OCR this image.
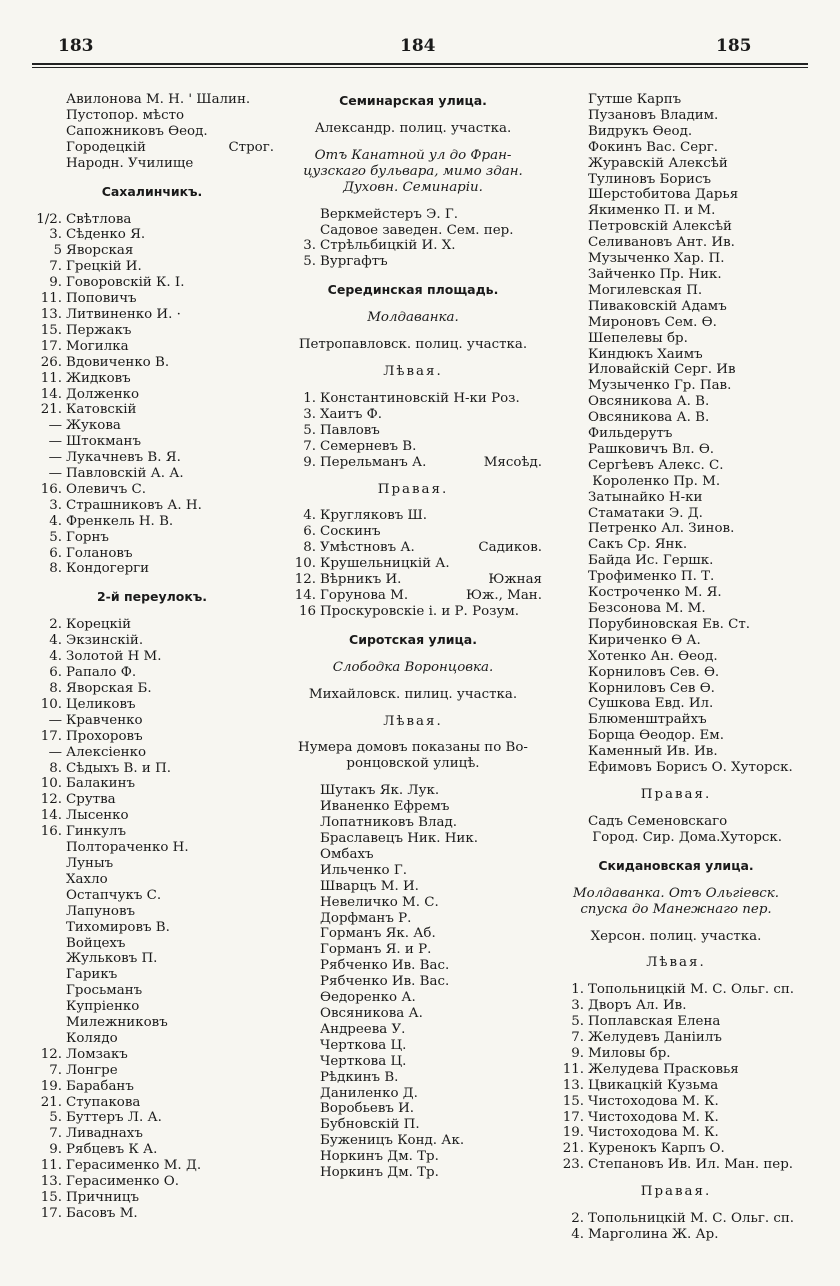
183	184	185
Авилонова М. Н. ' Шалин.
Пустопор. мѣсто
Сапожниковъ Ѳеод.
Городецкій	Строг.
Народн. Училище
Сахалинчикъ.
1/2. Свѣтлова
3. Сѣденко Я.
5 Яворская
7. Грецкій И.
9. Говоровскій К. І.
11. Поповичъ
13. Литвиненко И. ·
15. Пержакъ
17. Могилка
26. Вдовиченко В.
11. Жидковъ
14. Долженко
21. Катовскій
— Жукова
— Штокманъ
— Лукачневъ В. Я.
— Павловскій А. А.
16. Олевичъ С.
3. Страшниковъ А. Н.
4. Френкель Н. В.
5. Горнъ
6. Голановъ
8. Кондогерги
2-й переулокъ.
2. Корецкій
4. Экзинскій.
4. Золотой Н М.
6. Рапало Ф.
8. Яворская Б.
10. Целиковъ
— Кравченко
17. Прохоровъ
— Алексіенко
8. Сѣдыхъ В. и П.
10. Балакинъ
12. Срутва
14. Лысенко
16. Гинкулъ
Полторaченко Н.
Луныъ
Хахло
Остапчукъ С.
Лапуновъ
Тихомировъ В.
Войцехъ
Жульковъ П.
Гарикъ
Гросьманъ
Купріенко
Милежниковъ
Колядо
12. Ломзакъ
7. Лонгре
19. Барабанъ
21. Ступакова
5. Буттеръ Л. А.
7. Ливаднахъ
9. Рябцевъ К А.
11. Герасименко М. Д.
13. Герасименко О.
15. Причницъ
17. Басовъ М.
Семинарская улица.
Александр. полиц. участка.
Отъ Канатной ул до Фран-
цузскаго бульвара, мимо здан.
Духовн. Семинаріи.
Веркмейстеръ Э. Г.
Садовое заведен. Сем. пер.
3. Стрѣльбицкій И. Х.
5. Вургафтъ
Серединская площадь.
Молдаванка.
Петропавловск. полиц. участка.
Лѣвая.
1. Константиновскій Н-ки Роз.
3. Хаитъ Ф.
5. Павловъ
7. Семерневъ В.
9. Перельманъ А.	Мясоѣд.
Правая.
4. Кругляковъ Ш.
6. Соскинъ
8. Умѣстновъ А.	Садиков.
10. Крушельницкій А.
12. Вѣрникъ И.	Южная
14. Горунова М.	Юж., Ман.
16 Проскуровскіе і. и Р. Розум.
Сиротская улица.
Слободка Воронцовка.
Михайловск. пилиц. участка.
Лѣвая.
Нумера домовъ показаны по Во-
ронцовской улицѣ.
Шутакъ Як. Лук.
Иваненко Ефремъ
Лопатниковъ Влад.
Браславецъ Ник. Ник.
Омбахъ
Ильченко Г.
Шварцъ М. И.
Невеличко М. С.
Дорфманъ Р.
Горманъ Як. Аб.
Горманъ Я. и Р.
Рябченко Ив. Вас.
Рябченко Ив. Вас.
Ѳедоренко А.
Овсяникова А.
Андреева У.
Черткова Ц.
Черткова Ц.
Рѣдкинъ В.
Даниленко Д.
Воробьевъ И.
Бубновскій П.
Буженицъ Конд. Ак.
Норкинъ Дм. Тр.
Норкинъ Дм. Тр.
Гутше Карпъ
Пузановъ Владим.
Видрукъ Ѳеод.
Фокинъ Вас. Серг.
Журавскій Алексѣй
Тулиновъ Борисъ
Шерстобитова Дарья
Якименко П. и М.
Петровскій Алексѣй
Селивановъ Ант. Ив.
Музыченко Хар. П.
Зайченко Пр. Ник.
Могилевская П.
Пиваковскій Адамъ
Мироновъ Сем. Ѳ.
Шепелевы бр.
Киндюкъ Хаимъ
Иловайскій Серг. Ив
Музыченко Гр. Пав.
Овсяникова А. В.
Овсяникова А. В.
Фильдерутъ
Рашковичъ Вл. Ѳ.
Сергѣевъ Алекс. С.
Короленко Пр. М.
Затынайко Н-ки
Стаматаки Э. Д.
Петренко Ал. Зинов.
Сакъ Ср. Янк.
Байда Ис. Гершк.
Трофименко П. Т.
Костроченко М. Я.
Безсонова М. М.
Порубиновская Ев. Ст.
Кириченко Ѳ А.
Хотенко Ан. Ѳеод.
Корниловъ Сев. Ѳ.
Корниловъ Сев Ѳ.
Сушкова Евд. Ил.
Блюменштрайхъ
Борща Ѳеодор. Ем.
Каменный Ив. Ив.
Ефимовъ Борисъ О. Хуторск.
Правая.
Садъ Семеновскаго
Город. Сир. Дома.Хуторск.
Скидановская улица.
Молдаванка. Отъ Ольгіевск.
спуска до Манежнаго пер.
Херсон. полиц. участка.
Лѣвая.
1. Топольницкій М. С. Ольг. сп.
3. Дворъ Ал. Ив.
5. Поплавская Елена
7. Желудевъ Даніилъ
9. Миловы бр.
11. Желудева Прасковья
13. Цвикацкій Кузьма
15. Чистоходова М. К.
17. Чистоходова М. К.
19. Чистоходова М. К.
21. Куренокъ Карпъ О.
23. Степановъ Ив. Ил. Ман. пер.
Правая.
2. Топольницкій М. С. Ольг. сп.
4. Марголина Ж. Ар.
